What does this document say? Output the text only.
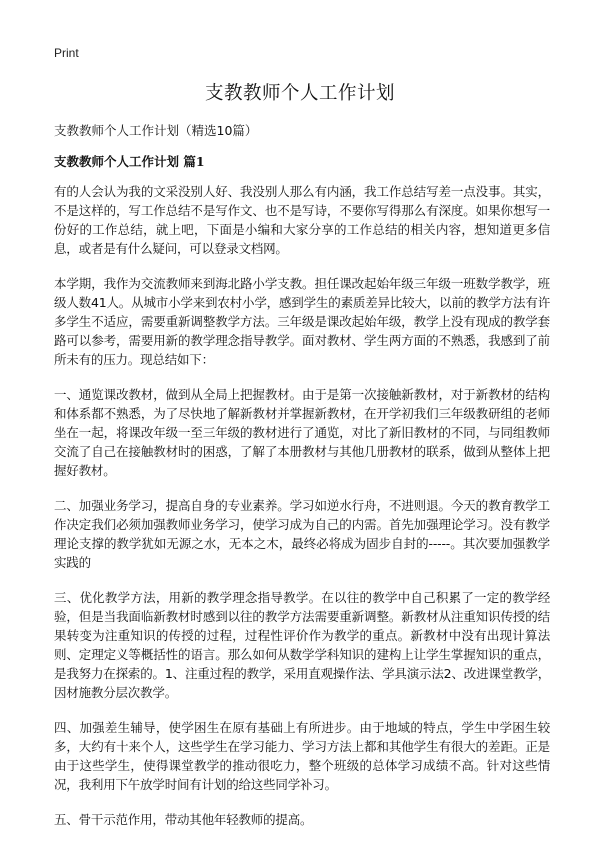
Print
支教教师个人工作计划

支教教师个人工作计划（精选10篇）

支教教师个人工作计划 篇1

有的人会认为我的文采没别人好、我没别人那么有内涵，我工作总结写差一点没事。其实，不是这样的，写工作总结不是写作文、也不是写诗，不要你写得那么有深度。如果你想写一份好的工作总结，就上吧，下面是小编和大家分享的工作总结的相关内容，想知道更多信息，或者是有什么疑问，可以登录文档网。

本学期，我作为交流教师来到海北路小学支教。担任课改起始年级三年级一班数学教学，班级人数41人。从城市小学来到农村小学，感到学生的素质差异比较大，以前的教学方法有许多学生不适应，需要重新调整教学方法。三年级是课改起始年级，教学上没有现成的教学套路可以参考，需要用新的教学理念指导教学。面对教材、学生两方面的不熟悉，我感到了前所未有的压力。现总结如下：

一、通览课改教材，做到从全局上把握教材。由于是第一次接触新教材，对于新教材的结构和体系都不熟悉，为了尽快地了解新教材并掌握新教材，在开学初我们三年级教研组的老师坐在一起，将课改年级一至三年级的教材进行了通览，对比了新旧教材的不同，与同组教师交流了自己在接触教材时的困惑，了解了本册教材与其他几册教材的联系，做到从整体上把握好教材。

二、加强业务学习，提高自身的专业素养。学习如逆水行舟，不进则退。今天的教育教学工作决定我们必须加强教师业务学习，使学习成为自己的内需。首先加强理论学习。没有教学理论支撑的教学犹如无源之水，无本之木，最终必将成为固步自封的-----。其次要加强教学实践的

三、优化教学方法，用新的教学理念指导教学。在以往的教学中自己积累了一定的教学经验，但是当我面临新教材时感到以往的教学方法需要重新调整。新教材从注重知识传授的结果转变为注重知识的传授的过程，过程性评价作为教学的重点。新教材中没有出现计算法则、定理定义等概括性的语言。那么如何从数学学科知识的建构上让学生掌握知识的重点，是我努力在探索的。1、注重过程的教学，采用直观操作法、学具演示法2、改进课堂教学，因材施教分层次教学。

四、加强差生辅导，使学困生在原有基础上有所进步。由于地域的特点，学生中学困生较多，大约有十来个人，这些学生在学习能力、学习方法上都和其他学生有很大的差距。正是由于这些学生，使得课堂教学的推动很吃力，整个班级的总体学习成绩不高。针对这些情况，我利用下午放学时间有计划的给这些同学补习。

五、骨干示范作用，带动其他年轻教师的提高。
